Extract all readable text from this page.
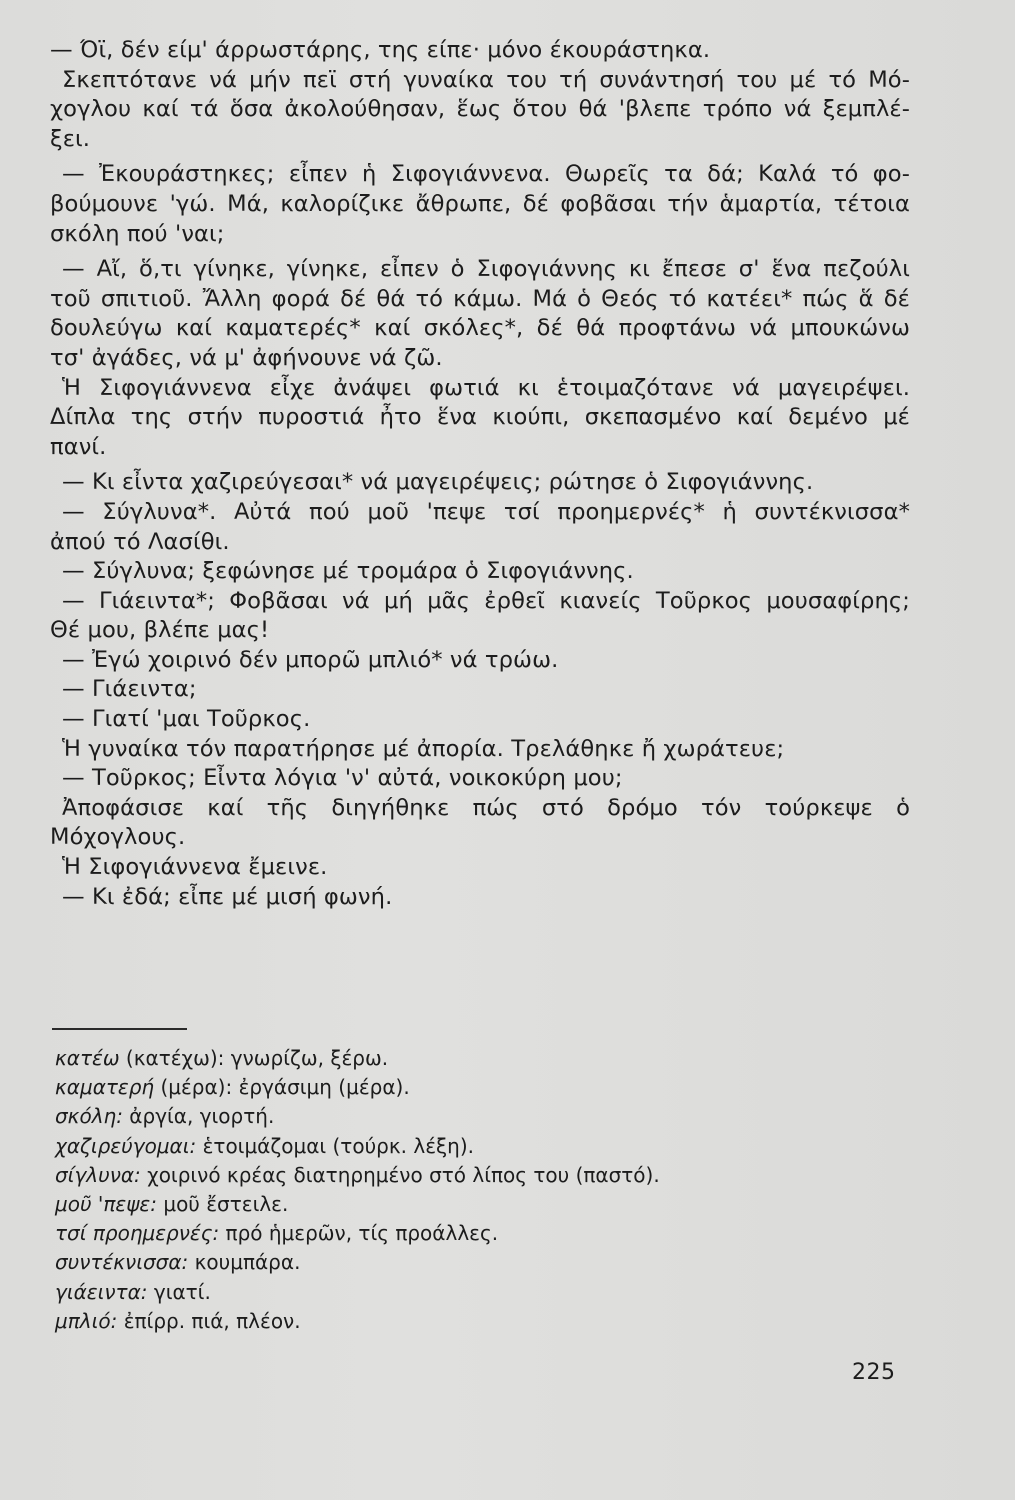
— Όϊ, δέν είμ' άρρωστάρης, της είπε· μόνο έκουράστηκα.
Σκεπτότανε νά μήν πεϊ στή γυναίκα του τή συνάντησή του μέ τό Μό-
χογλου καί τά ὅσα ἀκολούθησαν, ἕως ὅτου θά 'βλεπε τρόπο νά ξεμπλέ-
ξει.
— Ἐκουράστηκες; εἶπεν ἡ Σιφογιάννενα. Θωρεῖς τα δά; Καλά τό φο-
βούμουνε 'γώ. Μά, καλορίζικε ἄθρωπε, δέ φοβᾶσαι τήν ἁμαρτία, τέτοια
σκόλη πού 'ναι;
— Αἴ, ὅ,τι γίνηκε, γίνηκε, εἶπεν ὁ Σιφογιάννης κι ἔπεσε σ' ἕνα πεζούλι
τοῦ σπιτιοῦ. Ἄλλη φορά δέ θά τό κάμω. Μά ὁ Θεός τό κατέει* πώς ἅ δέ
δουλεύγω καί καματερές* καί σκόλες*, δέ θά προφτάνω νά μπουκώνω
τσ' ἀγάδες, νά μ' ἀφήνουνε νά ζῶ.
Ἡ Σιφογιάννενα εἶχε ἀνάψει φωτιά κι ἑτοιμαζότανε νά μαγειρέψει.
Δίπλα της στήν πυροστιά ἦτο ἕνα κιούπι, σκεπασμένο καί δεμένο μέ
πανί.
— Κι εἶντα χαζιρεύγεσαι* νά μαγειρέψεις; ρώτησε ὁ Σιφογιάννης.
— Σύγλυνα*. Αὐτά πού μοῦ 'πεψε τσί προημερνές* ἡ συντέκνισσα*
ἀπού τό Λασίθι.
— Σύγλυνα; ξεφώνησε μέ τρομάρα ὁ Σιφογιάννης.
— Γιάειντα*; Φοβᾶσαι νά μή μᾶς ἐρθεῖ κιανείς Τοῦρκος μουσαφίρης;
Θέ μου, βλέπε μας!
— Ἐγώ χοιρινό δέν μπορῶ μπλιό* νά τρώω.
— Γιάειντα;
— Γιατί 'μαι Τοῦρκος.
Ἡ γυναίκα τόν παρατήρησε μέ ἀπορία. Τρελάθηκε ἤ χωράτευε;
— Τοῦρκος; Εἶντα λόγια 'ν' αὐτά, νοικοκύρη μου;
Ἀποφάσισε καί τῆς διηγήθηκε πώς στό δρόμο τόν τούρκεψε ὁ
Μόχογλους.
Ἡ Σιφογιάννενα ἔμεινε.
— Κι ἐδά; εἶπε μέ μισή φωνή.
κατέω (κατέχω): γνωρίζω, ξέρω.
καματερή (μέρα): ἐργάσιμη (μέρα).
σκόλη: ἀργία, γιορτή.
χαζιρεύγομαι: ἑτοιμάζομαι (τούρκ. λέξη).
σίγλυνα: χοιρινό κρέας διατηρημένο στό λίπος του (παστό).
μοῦ 'πεψε: μοῦ ἔστειλε.
τσί προημερνές: πρό ἡμερῶν, τίς προάλλες.
συντέκνισσα: κουμπάρα.
γιάειντα: γιατί.
μπλιό: ἐπίρρ. πιά, πλέον.
225
